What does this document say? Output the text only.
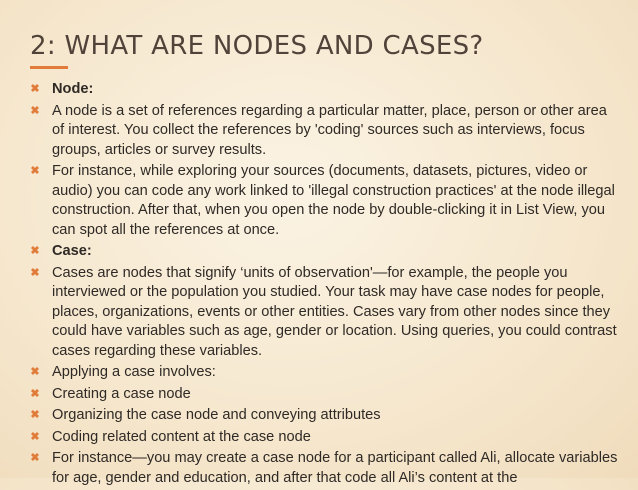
2: WHAT ARE NODES AND CASES?
✖ Node:
✖ A node is a set of references regarding a particular matter, place, person or other area of interest. You collect the references by 'coding' sources such as interviews, focus groups, articles or survey results.
✖ For instance, while exploring your sources (documents, datasets, pictures, video or audio) you can code any work linked to 'illegal construction practices' at the node illegal construction. After that, when you open the node by double-clicking it in List View, you can spot all the references at once.
✖ Case:
✖ Cases are nodes that signify ‘units of observation'—for example, the people you interviewed or the population you studied. Your task may have case nodes for people, places, organizations, events or other entities. Cases vary from other nodes since they could have variables such as age, gender or location. Using queries, you could contrast cases regarding these variables.
✖ Applying a case involves:
✖ Creating a case node
✖ Organizing the case node and conveying attributes
✖ Coding related content at the case node
✖ For instance—you may create a case node for a participant called Ali, allocate variables for age, gender and education, and after that code all Ali’s content at the
